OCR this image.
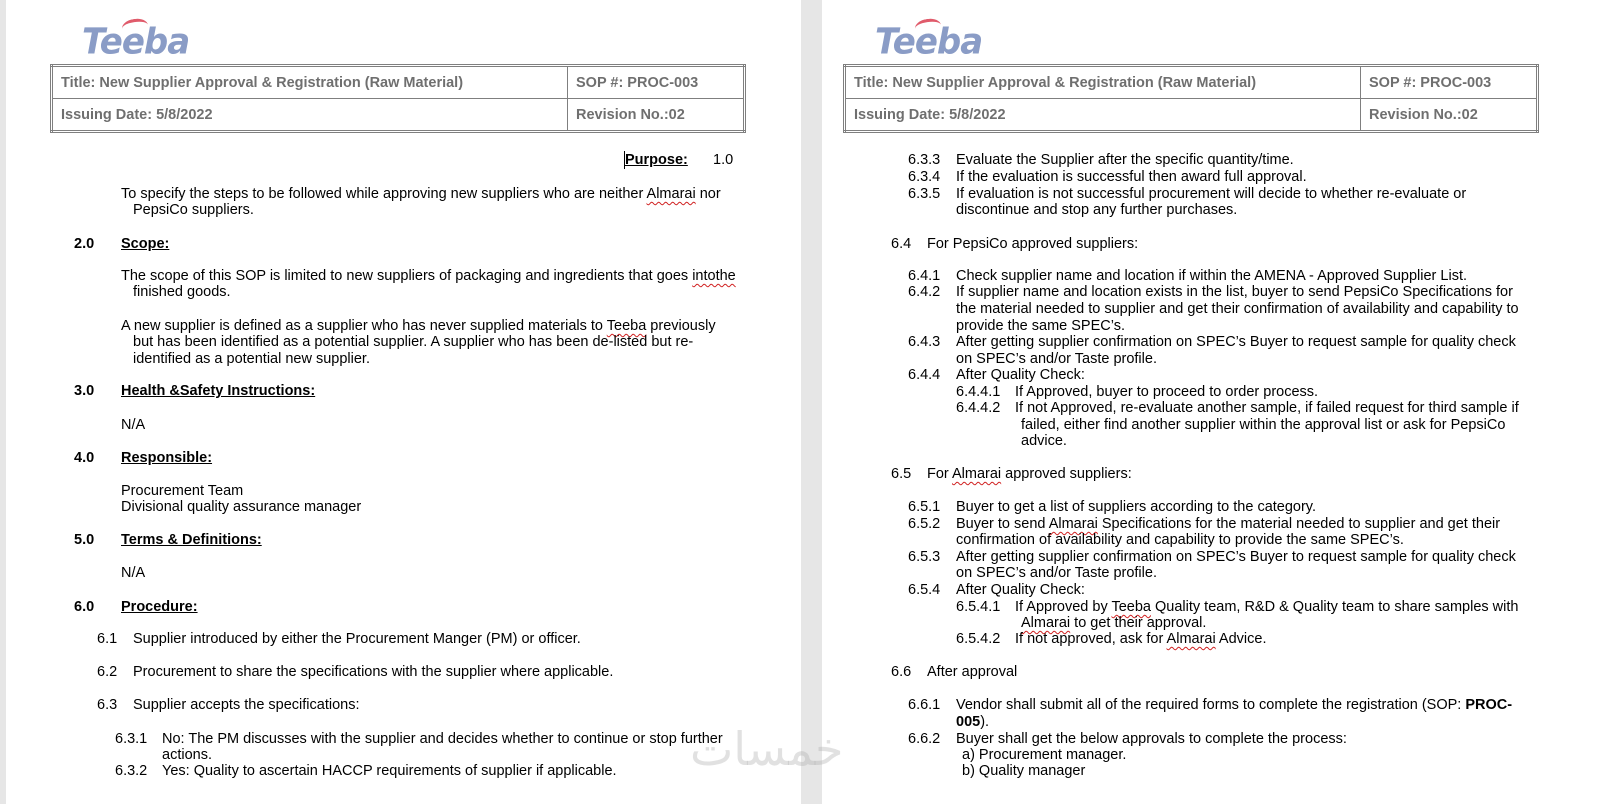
Teeba
Title: New Supplier Approval & Registration (Raw Material)	SOP #: PROC-003
Issuing Date: 5/8/2022	Revision No.:02
Purpose: 1.0
To specify the steps to be followed while approving new suppliers who are neither Almarai nor
PepsiCo suppliers.
2.0 Scope:
The scope of this SOP is limited to new suppliers of packaging and ingredients that goes intothe
finished goods.
A new supplier is defined as a supplier who has never supplied materials to Teeba previously
but has been identified as a potential supplier. A supplier who has been de-listed but re-
identified as a potential new supplier.
3.0 Health &Safety Instructions:
N/A
4.0 Responsible:
Procurement Team
Divisional quality assurance manager
5.0 Terms & Definitions:
N/A
6.0 Procedure:
6.1 Supplier introduced by either the Procurement Manger (PM) or officer.
6.2 Procurement to share the specifications with the supplier where applicable.
6.3 Supplier accepts the specifications:
6.3.1 No: The PM discusses with the supplier and decides whether to continue or stop further
actions.
6.3.2 Yes: Quality to ascertain HACCP requirements of supplier if applicable.
Teeba
Title: New Supplier Approval & Registration (Raw Material)	SOP #: PROC-003
Issuing Date: 5/8/2022	Revision No.:02
6.3.3 Evaluate the Supplier after the specific quantity/time.
6.3.4 If the evaluation is successful then award full approval.
6.3.5 If evaluation is not successful procurement will decide to whether re-evaluate or
discontinue and stop any further purchases.
6.4 For PepsiCo approved suppliers:
6.4.1 Check supplier name and location if within the AMENA - Approved Supplier List.
6.4.2 If supplier name and location exists in the list, buyer to send PepsiCo Specifications for
the material needed to supplier and get their confirmation of availability and capability to
provide the same SPEC’s.
6.4.3 After getting supplier confirmation on SPEC’s Buyer to request sample for quality check
on SPEC’s and/or Taste profile.
6.4.4 After Quality Check:
6.4.4.1 If Approved, buyer to proceed to order process.
6.4.4.2 If not Approved, re-evaluate another sample, if failed request for third sample if
failed, either find another supplier within the approval list or ask for PepsiCo
advice.
6.5 For Almarai approved suppliers:
6.5.1 Buyer to get a list of suppliers according to the category.
6.5.2 Buyer to send Almarai Specifications for the material needed to supplier and get their
confirmation of availability and capability to provide the same SPEC’s.
6.5.3 After getting supplier confirmation on SPEC’s Buyer to request sample for quality check
on SPEC’s and/or Taste profile.
6.5.4 After Quality Check:
6.5.4.1 If Approved by Teeba Quality team, R&D & Quality team to share samples with
Almarai to get their approval.
6.5.4.2 If not approved, ask for Almarai Advice.
6.6 After approval
6.6.1 Vendor shall submit all of the required forms to complete the registration (SOP: PROC-
005).
6.6.2 Buyer shall get the below approvals to complete the process:
a) Procurement manager.
b) Quality manager
خمسات
